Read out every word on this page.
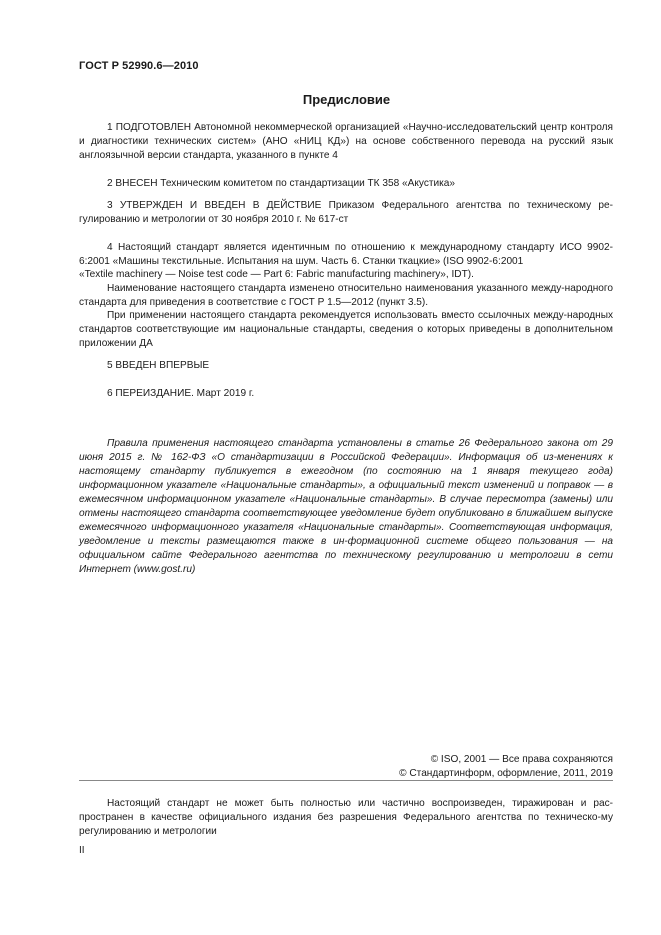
ГОСТ Р 52990.6—2010
Предисловие

1 ПОДГОТОВЛЕН Автономной некоммерческой организацией «Научно-исследовательский центр контроля и диагностики технических систем» (АНО «НИЦ КД») на основе собственного перевода на русский язык англоязычной версии стандарта, указанного в пункте 4

2 ВНЕСЕН Техническим комитетом по стандартизации ТК 358 «Акустика»

3 УТВЕРЖДЕН И ВВЕДЕН В ДЕЙСТВИЕ Приказом Федерального агентства по техническому ре-гулированию и метрологии от 30 ноября 2010 г. № 617-ст

4 Настоящий стандарт является идентичным по отношению к международному стандарту ИСО 9902-6:2001 «Машины текстильные. Испытания на шум. Часть 6. Станки ткацкие» (ISO 9902-6:2001

«Textile machinery — Noise test code — Part 6: Fabric manufacturing machinery», IDT).

Наименование настоящего стандарта изменено относительно наименования указанного между-народного стандарта для приведения в соответствие с ГОСТ Р 1.5—2012 (пункт 3.5).

При применении настоящего стандарта рекомендуется использовать вместо ссылочных между-народных стандартов соответствующие им национальные стандарты, сведения о которых приведены в дополнительном приложении ДА

5 ВВЕДЕН ВПЕРВЫЕ

6 ПЕРЕИЗДАНИЕ. Март 2019 г.

Правила применения настоящего стандарта установлены в статье 26 Федерального закона от 29 июня 2015 г. № 162-ФЗ «О стандартизации в Российской Федерации». Информация об из-менениях к настоящему стандарту публикуется в ежегодном (по состоянию на 1 января текущего года) информационном указателе «Национальные стандарты», а официальный текст изменений и поправок — в ежемесячном информационном указателе «Национальные стандарты». В случае пересмотра (замены) или отмены настоящего стандарта соответствующее уведомление будет опубликовано в ближайшем выпуске ежемесячного информационного указателя «Национальные стандарты». Соответствующая информация, уведомление и тексты размещаются также в ин-формационной системе общего пользования — на официальном сайте Федерального агентства по техническому регулированию и метрологии в сети Интернет (www.gost.ru)

© ISO, 2001 — Все права сохраняются
© Стандартинформ, оформление, 2011, 2019

Настоящий стандарт не может быть полностью или частично воспроизведен, тиражирован и рас-пространен в качестве официального издания без разрешения Федерального агентства по техническо-му регулированию и метрологии

II
